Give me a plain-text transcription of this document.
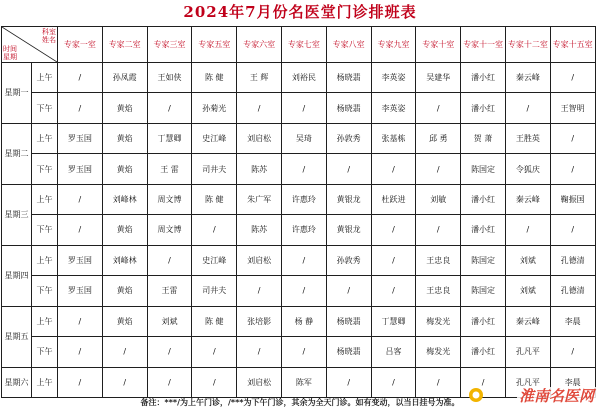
2024年7月份名医堂门诊排班表
科室
姓名
时间
星期		专家一室	专家二室	专家三室	专家五室	专家六室	专家七室	专家八室	专家九室	专家十室	专家十一室	专家十二室	专家十五室
星期一	上午	/	孙凤霞	王如侠	陈 健	王 辉	刘裕民	杨晓翡	李英姿	吴建华	潘小红	秦云峰	/
	下午	/	黄焰	/	孙菊光	/	/	杨晓翡	李英姿	/	潘小红	/	王智明
星期二	上午	罗玉国	黄焰	丁慧卿	史江峰	刘启松	吴琦	孙敦秀	张基栋	邱 勇	贺 萧	王胜英	/
	下午	罗玉国	黄焰	王 雷	司井夫	陈苏	/	/	/	/	陈国定	令狐庆	/
星期三	上午	/	刘峰林	周文博	陈 健	朱广军	许惠玲	黄银龙	杜跃进	刘敏	潘小红	秦云峰	鞠振国
	下午	/	黄焰	周文博	/	陈苏	许惠玲	黄银龙	/	/	潘小红	/	/
星期四	上午	罗玉国	刘峰林	/	史江峰	刘启松	/	孙敦秀	/	王忠良	陈国定	刘斌	孔德清
	下午	罗玉国	黄焰	王雷	司井夫	/	/	/	/	王忠良	陈国定	刘斌	孔德清
星期五	上午	/	黄焰	刘斌	陈 健	张培影	杨 静	杨晓翡	丁慧卿	梅发光	潘小红	秦云峰	李晨
	下午	/	/	/	/	/	/	杨晓翡	吕客	梅发光	潘小红	孔凡平	/
星期六	上午	/	/	/	/	刘启松	陈军	/	/	/	/	孔凡平	李晨
备注：***/为上午门诊，/***为下午门诊，其余为全天门诊。如有变动，以当日挂号为准。	淮南名医网
